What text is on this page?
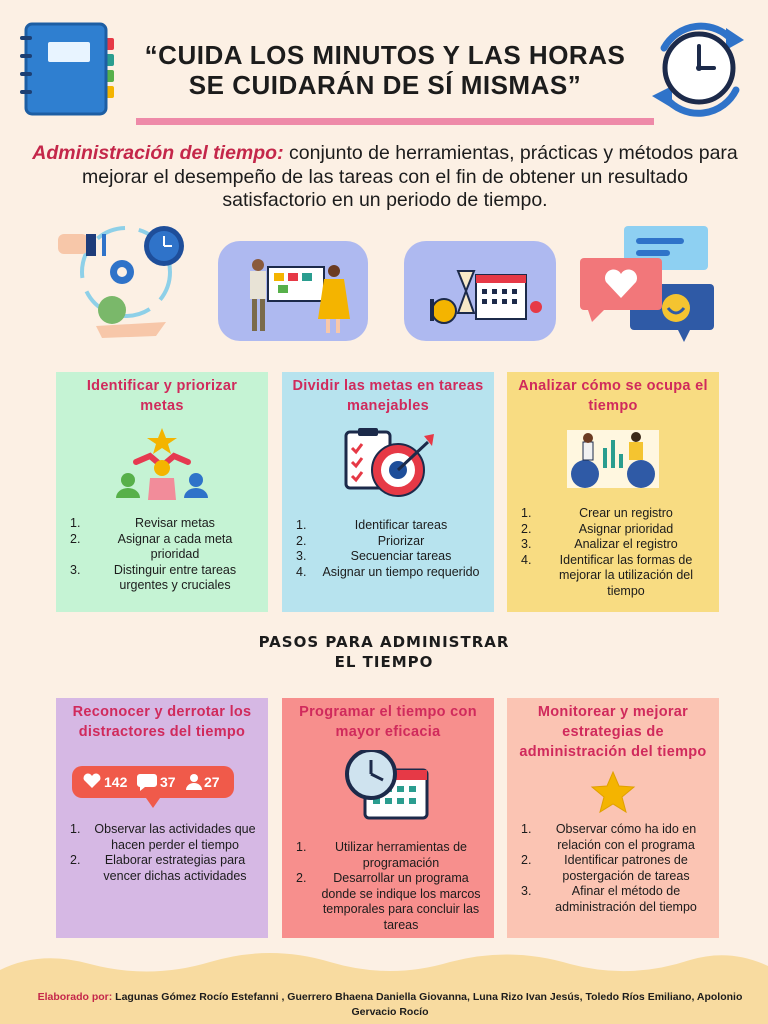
“CUIDA LOS MINUTOS Y LAS HORAS
SE CUIDARÁN DE SÍ MISMAS”

Administración del tiempo: conjunto de herramientas, prácticas y métodos para mejorar el desempeño de las tareas con el fin de obtener un resultado satisfactorio en un periodo de tiempo.

Identificar y priorizar metas
1.	Revisar metas
2.	Asignar a cada meta prioridad
3.	Distinguir entre tareas urgentes y cruciales
Dividir las metas en tareas manejables
1.	Identificar tareas
2.	Priorizar
3.	Secuenciar tareas
4.	Asignar un tiempo requerido
Analizar cómo se ocupa el tiempo
1.	Crear un registro
2.	Asignar prioridad
3.	Analizar el registro
4.	Identificar las formas de mejorar la utilización del tiempo
PASOS PARA ADMINISTRAR
EL TIEMPO
Reconocer y derrotar los distractores del tiempo
142 37 27
1.	Observar las actividades que hacen perder el tiempo
2.	Elaborar estrategias para vencer dichas actividades
Programar el tiempo con mayor eficacia
1.	Utilizar herramientas de programación
2.	Desarrollar un programa donde se indique los marcos temporales para concluir las tareas
Monitorear y mejorar estrategias de administración del tiempo
1.	Observar cómo ha ido en relación con el programa
2.	Identificar patrones de postergación de tareas
3.	Afinar el método de administración del tiempo
Elaborado por: Lagunas Gómez Rocío Estefanni , Guerrero Bhaena Daniella Giovanna, Luna Rizo Ivan Jesús, Toledo Ríos Emiliano, Apolonio Gervacio Rocío
